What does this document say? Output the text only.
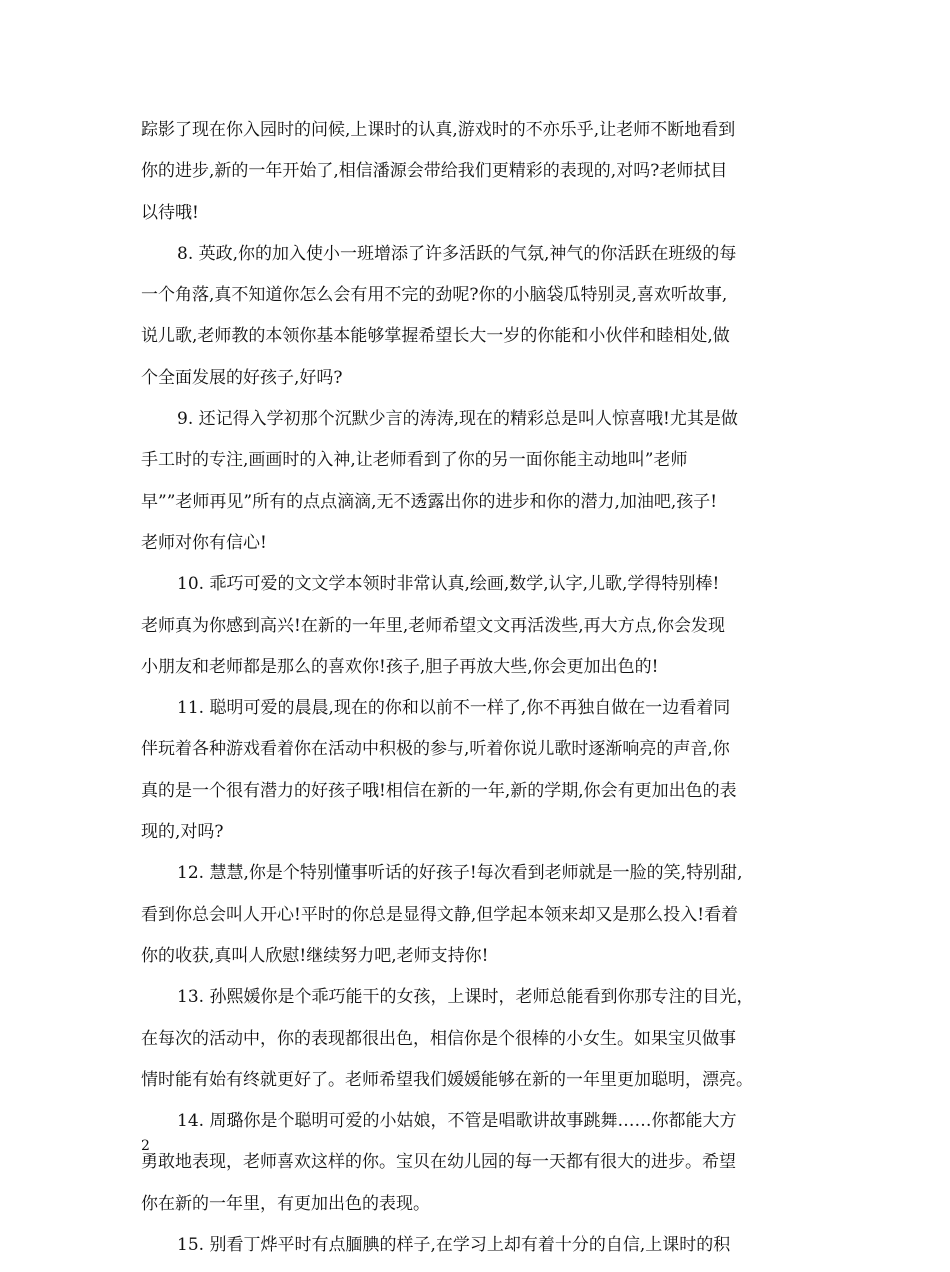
踪影了现在你入园时的问候,上课时的认真,游戏时的不亦乐乎,让老师不断地看到
你的进步,新的一年开始了,相信潘源会带给我们更精彩的表现的,对吗?老师拭目
以待哦!
8. 英政,你的加入使小一班增添了许多活跃的气氛,神气的你活跃在班级的每
一个角落,真不知道你怎么会有用不完的劲呢?你的小脑袋瓜特别灵,喜欢听故事,
说儿歌,老师教的本领你基本能够掌握希望长大一岁的你能和小伙伴和睦相处,做
个全面发展的好孩子,好吗?
9. 还记得入学初那个沉默少言的涛涛,现在的精彩总是叫人惊喜哦!尤其是做
手工时的专注,画画时的入神,让老师看到了你的另一面你能主动地叫”老师
早””老师再见”所有的点点滴滴,无不透露出你的进步和你的潜力,加油吧,孩子!
老师对你有信心!
10. 乖巧可爱的文文学本领时非常认真,绘画,数学,认字,儿歌,学得特别棒!
老师真为你感到高兴!在新的一年里,老师希望文文再活泼些,再大方点,你会发现
小朋友和老师都是那么的喜欢你!孩子,胆子再放大些,你会更加出色的!
11. 聪明可爱的晨晨,现在的你和以前不一样了,你不再独自做在一边看着同
伴玩着各种游戏看着你在活动中积极的参与,听着你说儿歌时逐渐响亮的声音,你
真的是一个很有潜力的好孩子哦!相信在新的一年,新的学期,你会有更加出色的表
现的,对吗?
12. 慧慧,你是个特别懂事听话的好孩子!每次看到老师就是一脸的笑,特别甜,
看到你总会叫人开心!平时的你总是显得文静,但学起本领来却又是那么投入!看着
你的收获,真叫人欣慰!继续努力吧,老师支持你!
13. 孙熙媛你是个乖巧能干的女孩，上课时，老师总能看到你那专注的目光，
在每次的活动中，你的表现都很出色，相信你是个很棒的小女生。如果宝贝做事
情时能有始有终就更好了。老师希望我们媛媛能够在新的一年里更加聪明，漂亮。
14. 周璐你是个聪明可爱的小姑娘，不管是唱歌讲故事跳舞……你都能大方
勇敢地表现，老师喜欢这样的你。宝贝在幼儿园的每一天都有很大的进步。希望
你在新的一年里，有更加出色的表现。
15. 别看丁烨平时有点腼腆的样子,在学习上却有着十分的自信,上课时的积
2
